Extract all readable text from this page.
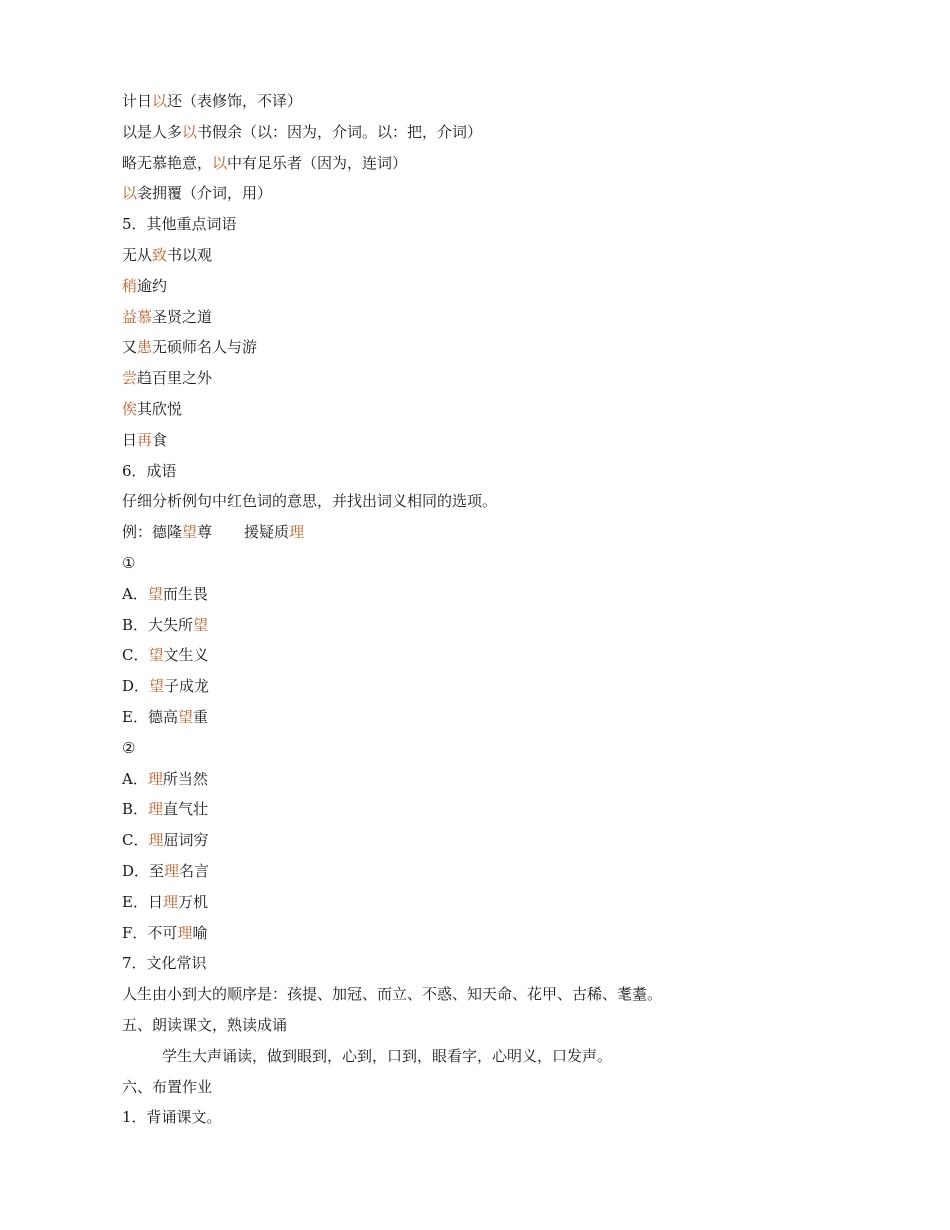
计日以还（表修饰，不译）
以是人多以书假余（以：因为，介词。以：把，介词）
略无慕艳意，以中有足乐者（因为，连词）
以衾拥覆（介词，用）
5．其他重点词语
无从致书以观
稍逾约
益慕圣贤之道
又患无硕师名人与游
尝趋百里之外
俟其欣悦
日再食
6．成语
仔细分析例句中红色词的意思，并找出词义相同的选项。
例：德隆望尊 援疑质理
①
A．望而生畏
B．大失所望
C．望文生义
D．望子成龙
E．德高望重
②
A．理所当然
B．理直气壮
C．理屈词穷
D．至理名言
E．日理万机
F．不可理喻
7．文化常识
人生由小到大的顺序是：孩提、加冠、而立、不惑、知天命、花甲、古稀、耄耋。
五、朗读课文，熟读成诵
学生大声诵读，做到眼到，心到，口到，眼看字，心明义，口发声。
六、布置作业
1．背诵课文。
